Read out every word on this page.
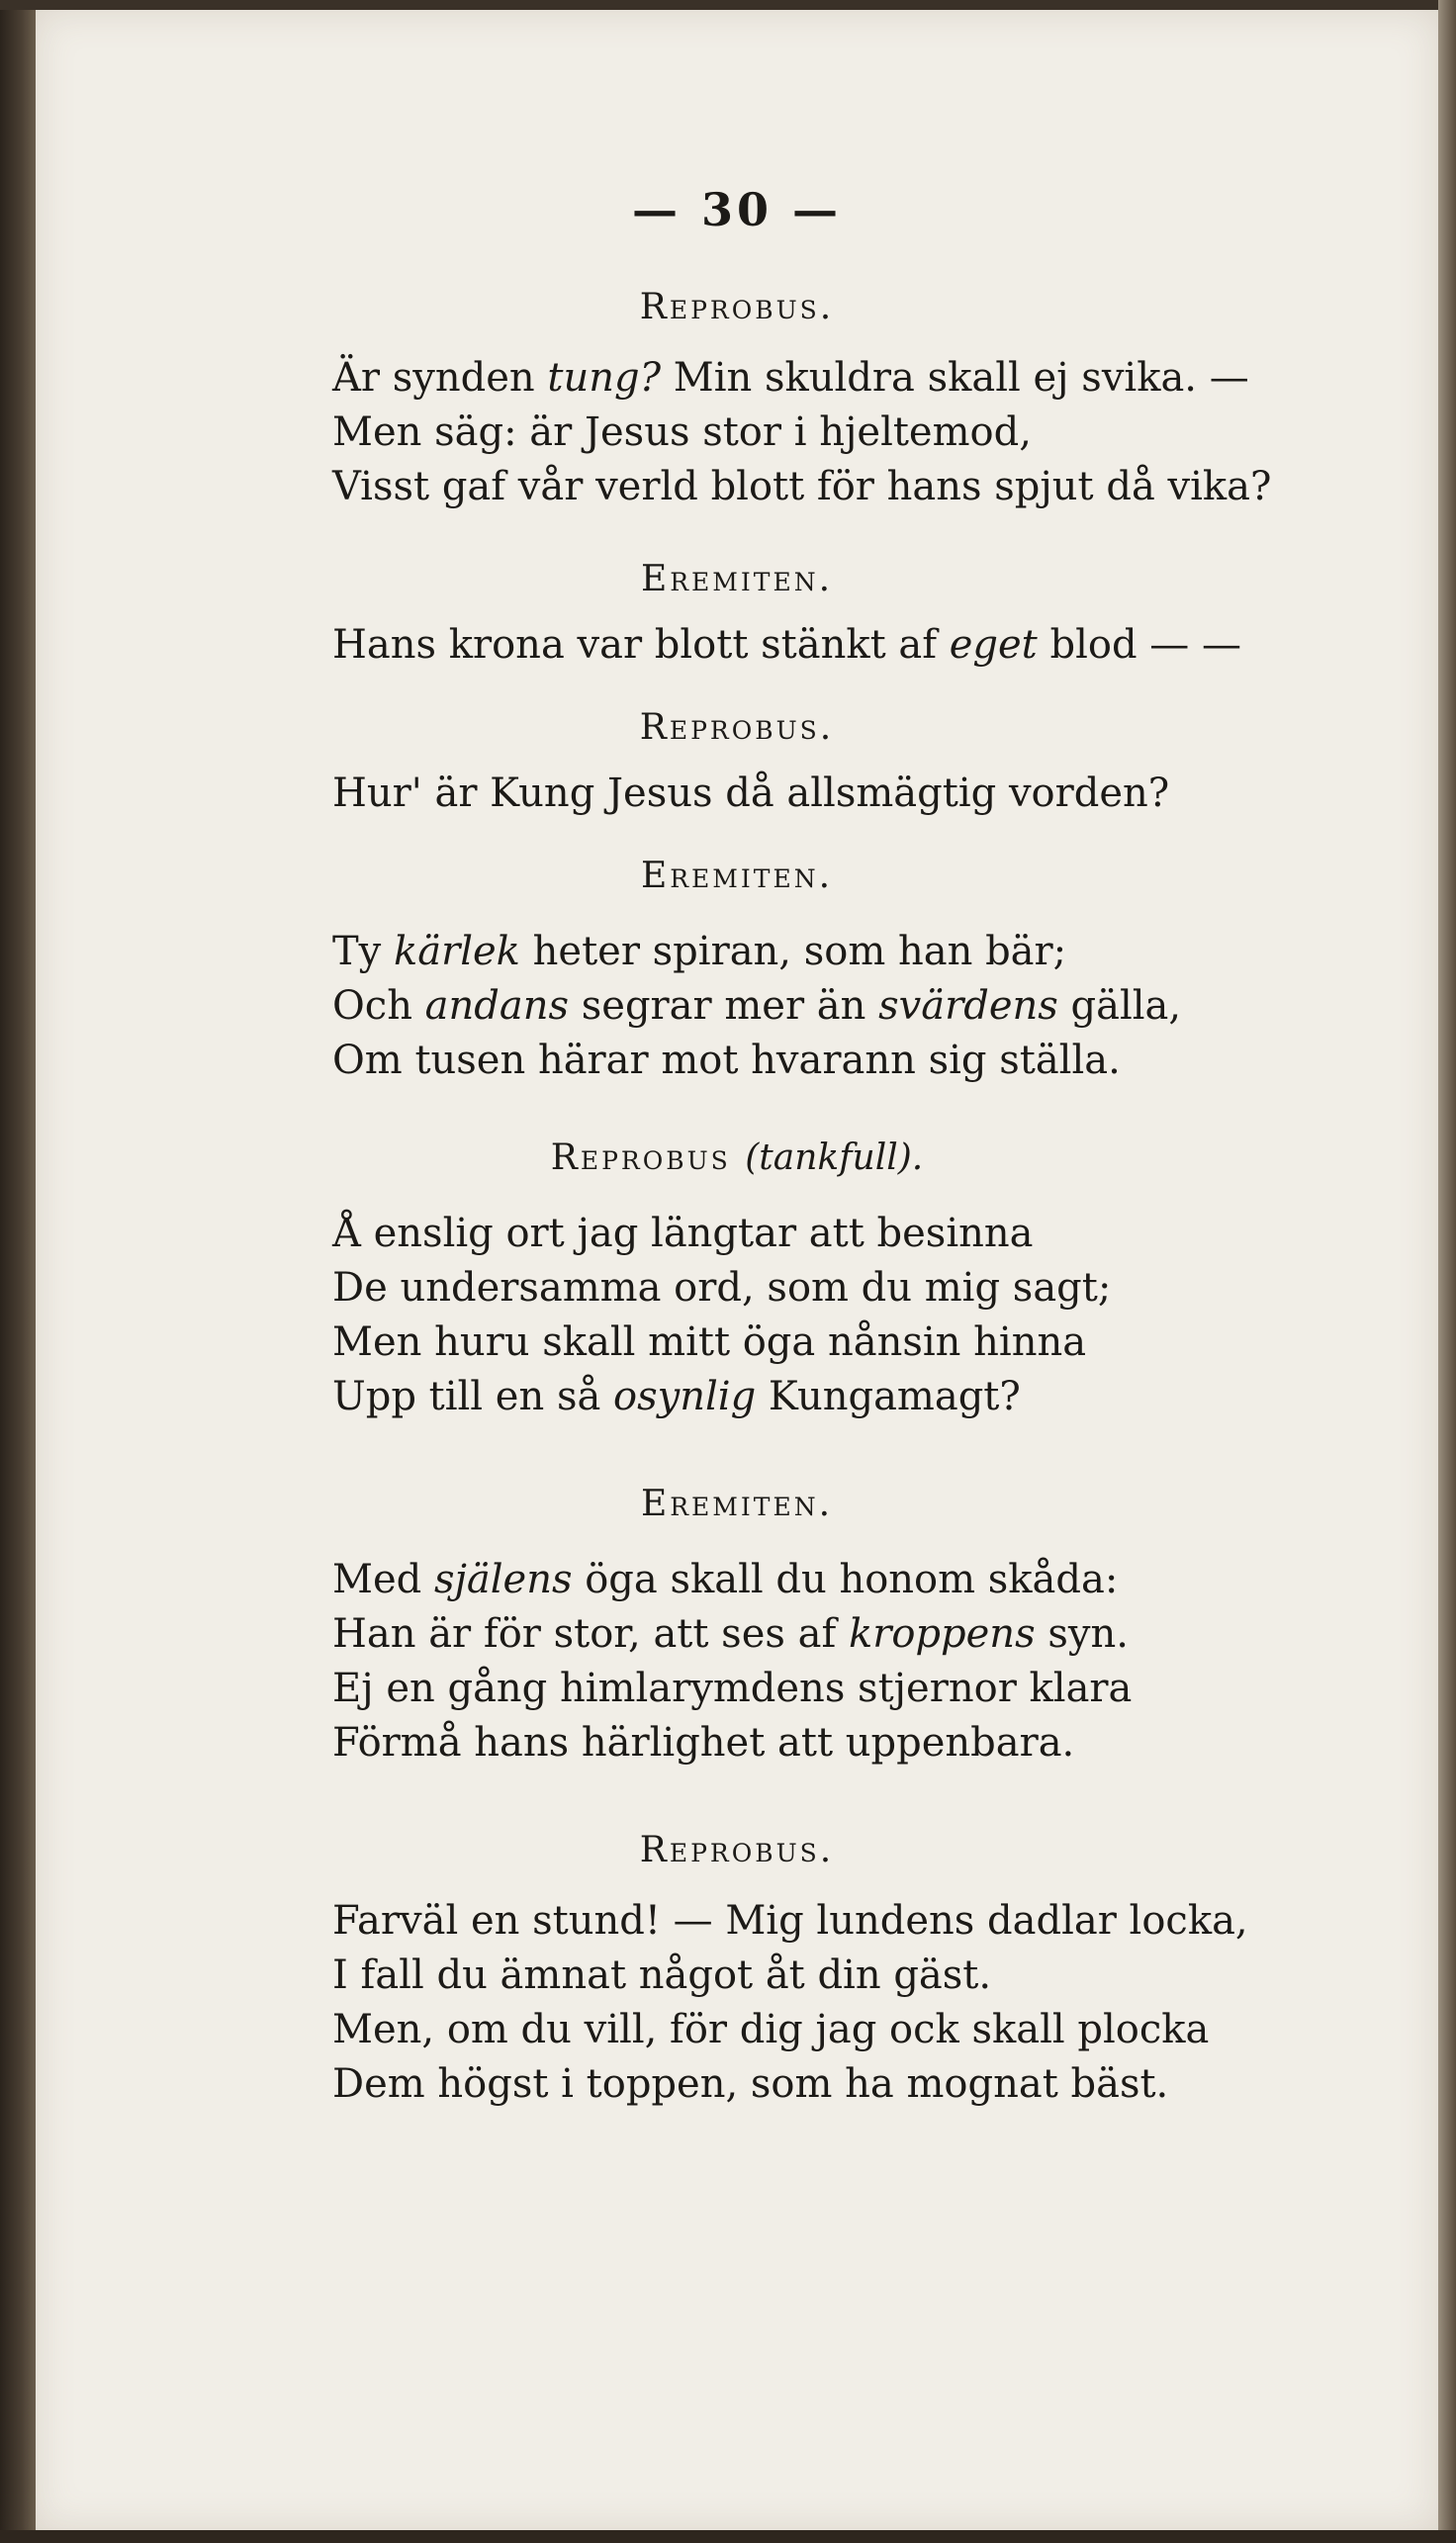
— 30 —
Reprobus.
Är synden tung? Min skuldra skall ej svika. —
Men säg: är Jesus stor i hjeltemod,
Visst gaf vår verld blott för hans spjut då vika?
Eremiten.
Hans krona var blott stänkt af eget blod — —
Reprobus.
Hur' är Kung Jesus då allsmägtig vorden?
Eremiten.
Ty kärlek heter spiran, som han bär;
Och andans segrar mer än svärdens gälla,
Om tusen härar mot hvarann sig ställa.
Reprobus (tankfull).
Å enslig ort jag längtar att besinna
De undersamma ord, som du mig sagt;
Men huru skall mitt öga nånsin hinna
Upp till en så osynlig Kungamagt?
Eremiten.
Med själens öga skall du honom skåda:
Han är för stor, att ses af kroppens syn.
Ej en gång himlarymdens stjernor klara
Förmå hans härlighet att uppenbara.
Reprobus.
Farväl en stund! — Mig lundens dadlar locka,
I fall du ämnat något åt din gäst.
Men, om du vill, för dig jag ock skall plocka
Dem högst i toppen, som ha mognat bäst.
